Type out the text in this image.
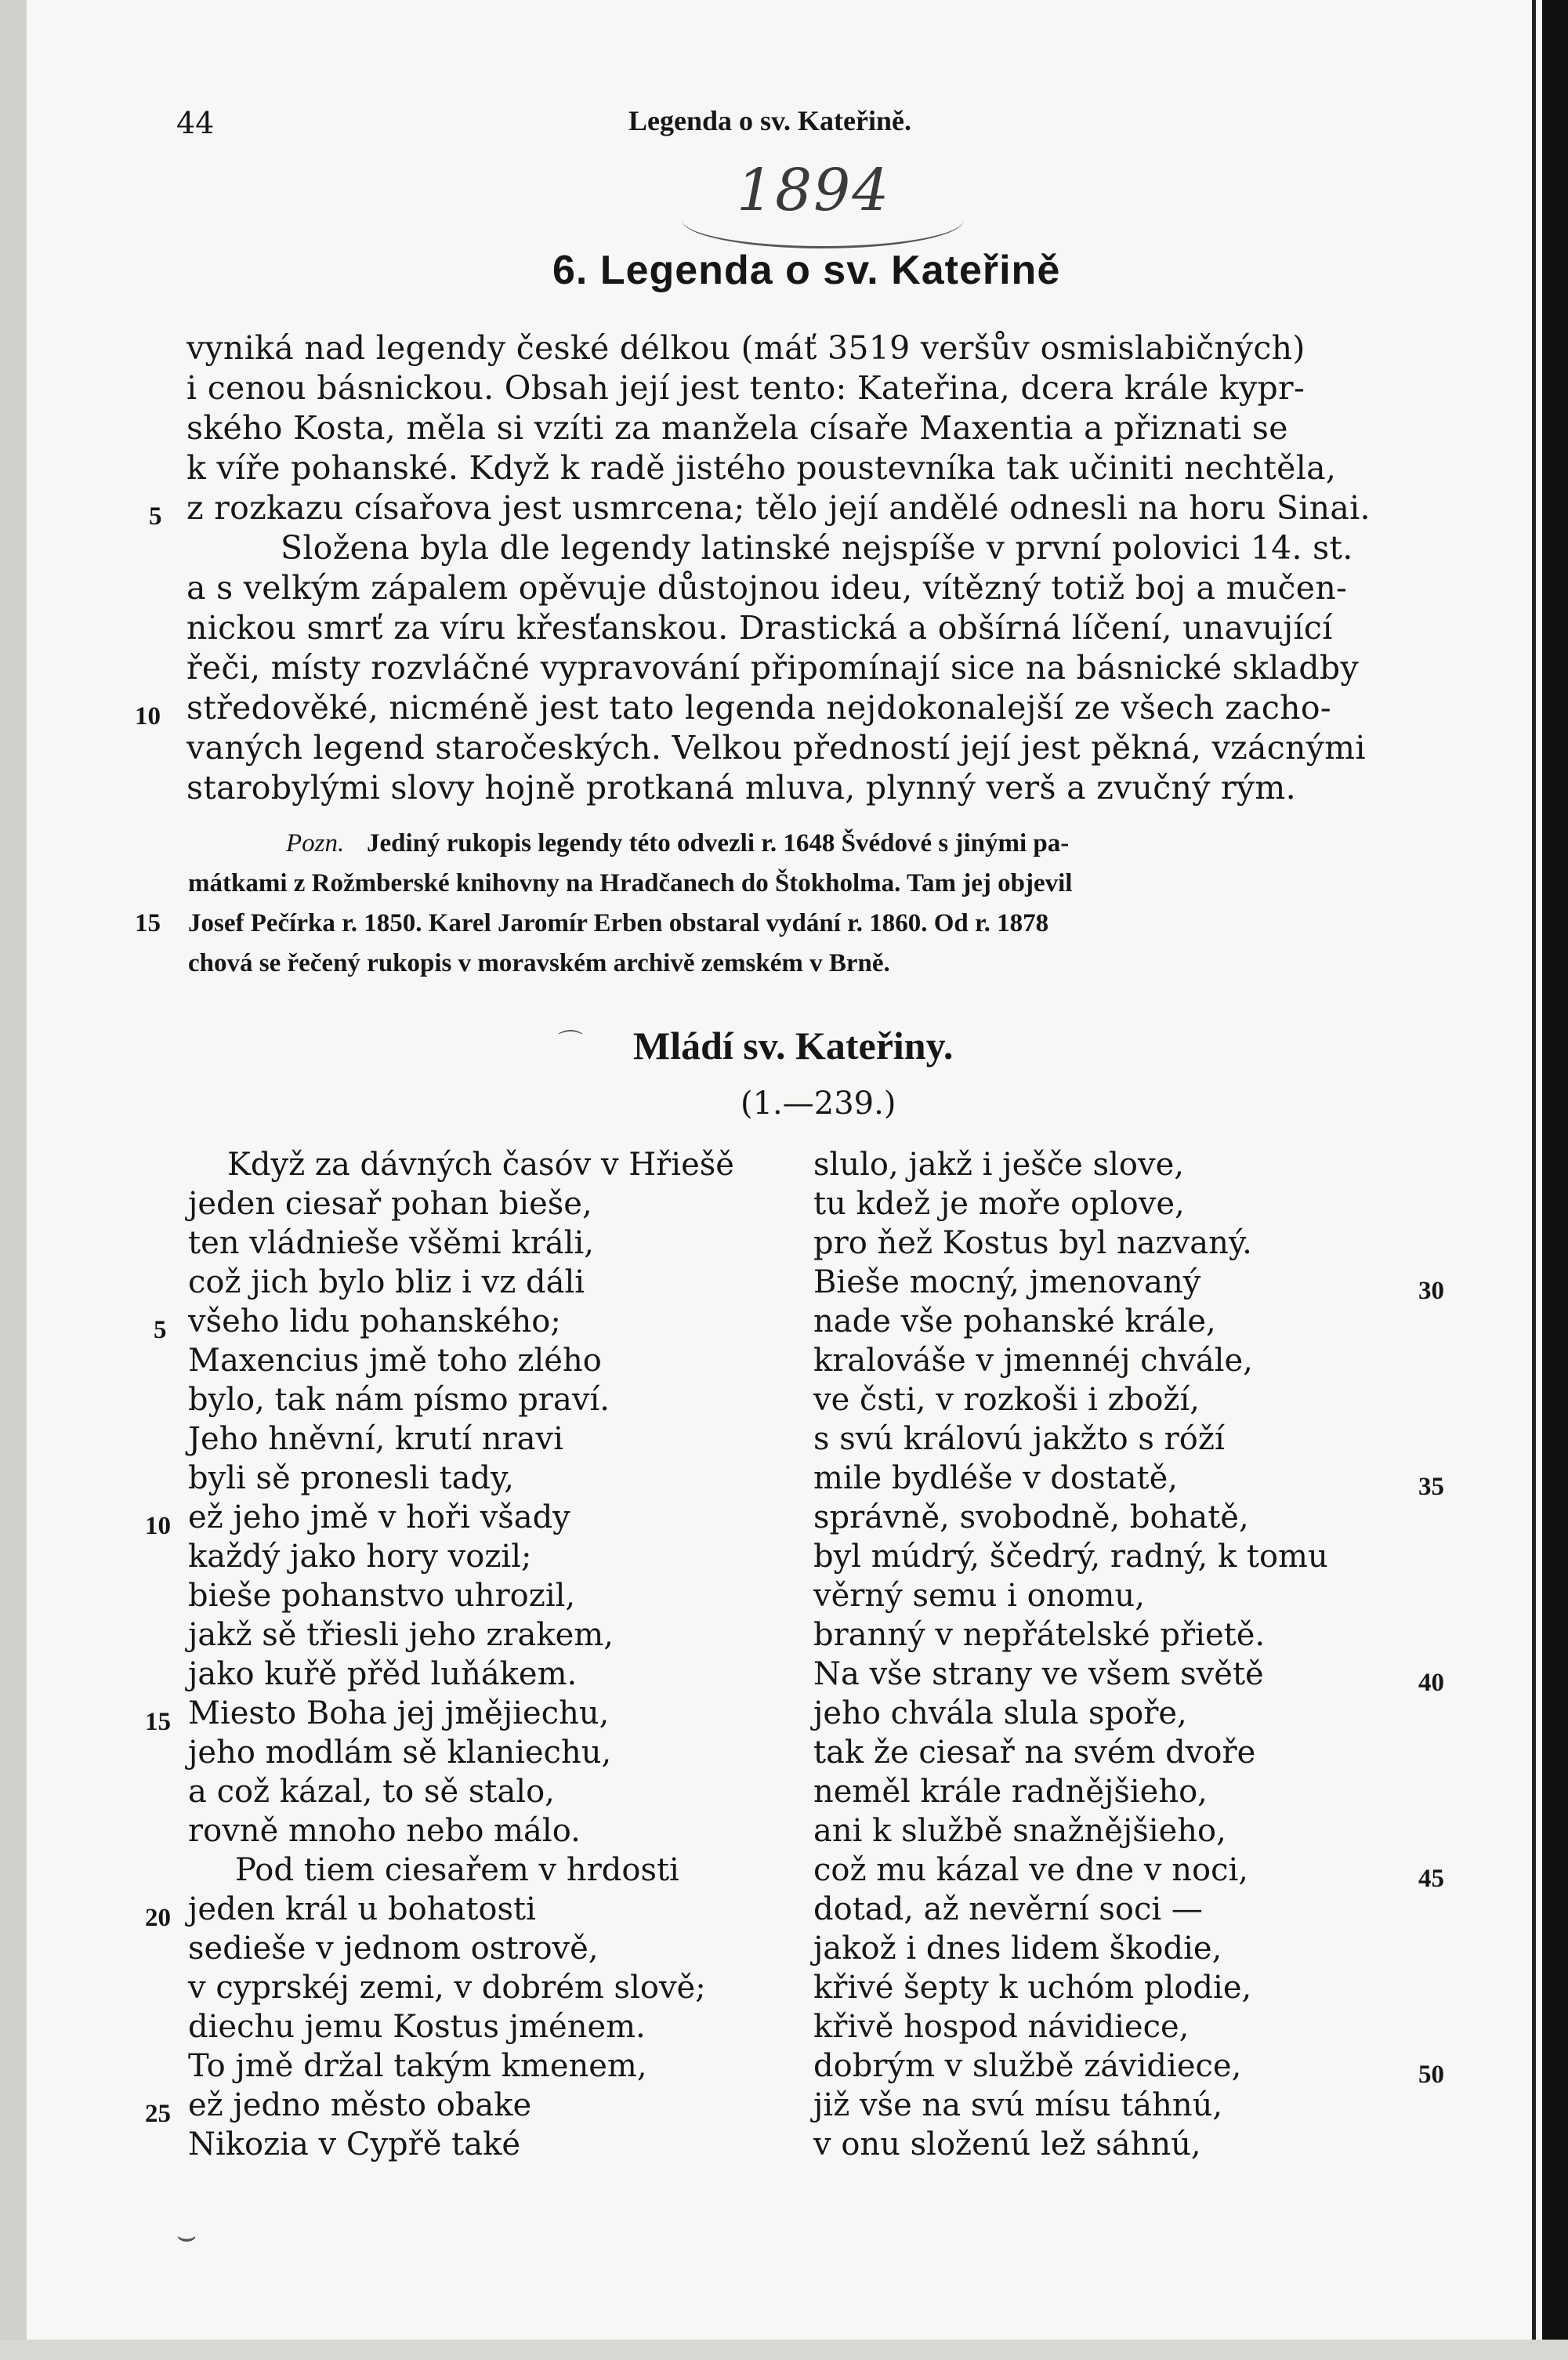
44	Legenda o sv. Kateřině.
1894
6. Legenda o sv. Kateřině
vyniká nad legendy české délkou (máť 3519 veršův osmislabičných)
i cenou básnickou. Obsah její jest tento: Kateřina, dcera krále kypr-
ského Kosta, měla si vzíti za manžela císaře Maxentia a přiznati se
k víře pohanské. Když k radě jistého poustevníka tak učiniti nechtěla,
5 z rozkazu císařova jest usmrcena; tělo její andělé odnesli na horu Sinai.
Složena byla dle legendy latinské nejspíše v první polovici 14. st.
a s velkým zápalem opěvuje důstojnou ideu, vítězný totiž boj a mučen-
nickou smrť za víru křesťanskou. Drastická a obšírná líčení, unavující
řeči, místy rozvláčné vypravování připomínají sice na básnické skladby
10 středověké, nicméně jest tato legenda nejdokonalejší ze všech zacho-
vaných legend staročeských. Velkou předností její jest pěkná, vzácnými
starobylými slovy hojně protkaná mluva, plynný verš a zvučný rým.
Pozn. Jediný rukopis legendy této odvezli r. 1648 Švédové s jinými pa-
mátkami z Rožmberské knihovny na Hradčanech do Štokholma. Tam jej objevil
15 Josef Pečírka r. 1850. Karel Jaromír Erben obstaral vydání r. 1860. Od r. 1878
chová se řečený rukopis v moravském archivě zemském v Brně.
⌒ Mládí sv. Kateřiny.
(1.—239.)
Když za dávných časóv v Hřiešě
jeden ciesař pohan bieše,
ten vládnieše všěmi králi,
což jich bylo bliz i vz dáli
5 všeho lidu pohanského;
Maxencius jmě toho zlého
bylo, tak nám písmo praví.
Jeho hněvní, krutí nravi
byli sě pronesli tady,
10 ež jeho jmě v hoři všady
každý jako hory vozil;
bieše pohanstvo uhrozil,
jakž sě třiesli jeho zrakem,
jako kuřě přěd luňákem.
15 Miesto Boha jej jmějiechu,
jeho modlám sě klaniechu,
a což kázal, to sě stalo,
rovně mnoho nebo málo.
Pod tiem ciesařem v hrdosti
20 jeden král u bohatosti
sedieše v jednom ostrově,
v cyprskéj zemi, v dobrém slově;
diechu jemu Kostus jménem.
To jmě držal takým kmenem,
25 ež jedno město obake
Nikozia v Cypřě také
slulo, jakž i ješče slove,
tu kdež je moře oplove,
pro ňež Kostus byl nazvaný.
Bieše mocný, jmenovaný	30
nade vše pohanské krále,
kralováše v jmennéj chvále,
ve čsti, v rozkoši i zboží,
s svú královú jakžto s róží
mile bydléše v dostatě,	35
správně, svobodně, bohatě,
byl múdrý, ščedrý, radný, k tomu
věrný semu i onomu,
branný v nepřátelské přietě.
Na vše strany ve všem světě	40
jeho chvála slula spoře,
tak že ciesař na svém dvoře
neměl krále radnějšieho,
ani k službě snažnějšieho,
což mu kázal ve dne v noci,	45
dotad, až nevěrní soci —
jakož i dnes lidem škodie,
křivé šepty k uchóm plodie,
křivě hospod návidiece,
dobrým v službě závidiece,	50
již vše na svú mísu táhnú,
v onu složenú lež sáhnú,
⌣
